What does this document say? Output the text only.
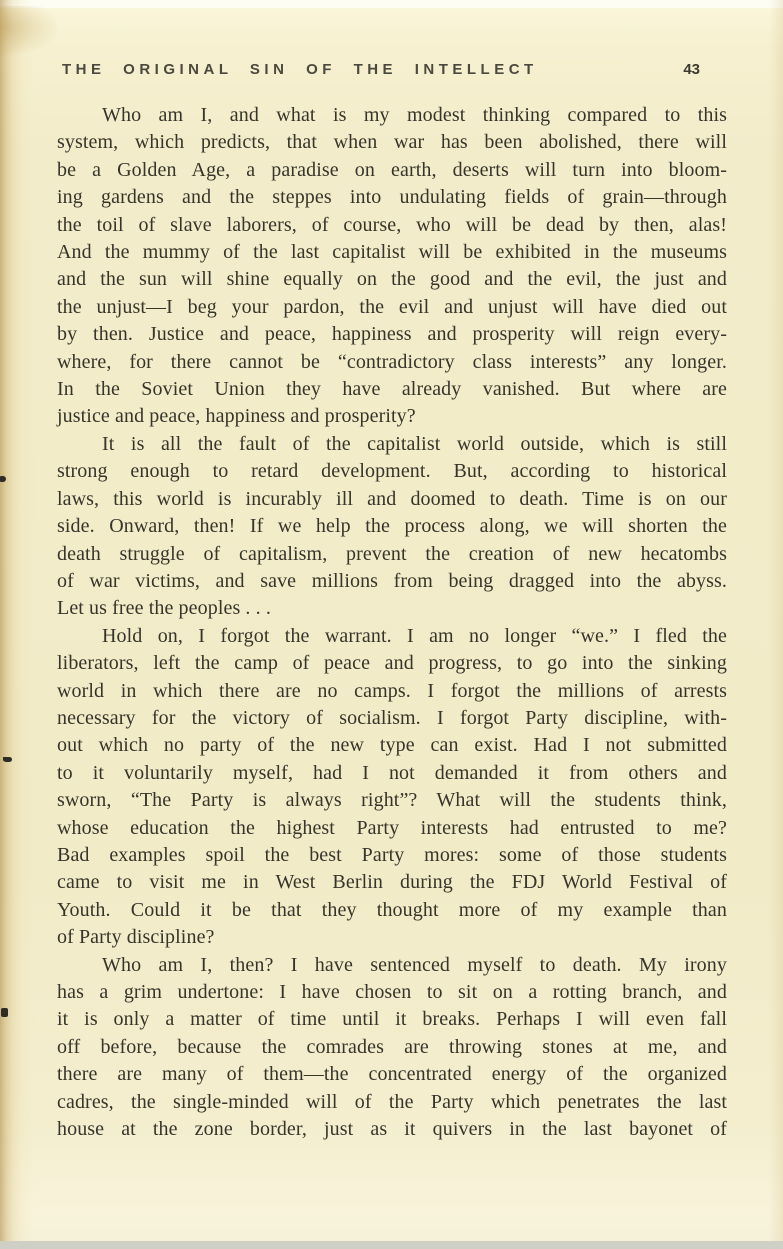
THE ORIGINAL SIN OF THE INTELLECT	43
Who am I, and what is my modest thinking compared to this
system, which predicts, that when war has been abolished, there will
be a Golden Age, a paradise on earth, deserts will turn into bloom-
ing gardens and the steppes into undulating fields of grain—through
the toil of slave laborers, of course, who will be dead by then, alas!
And the mummy of the last capitalist will be exhibited in the museums
and the sun will shine equally on the good and the evil, the just and
the unjust—I beg your pardon, the evil and unjust will have died out
by then. Justice and peace, happiness and prosperity will reign every-
where, for there cannot be “contradictory class interests” any longer.
In the Soviet Union they have already vanished. But where are
justice and peace, happiness and prosperity?
It is all the fault of the capitalist world outside, which is still
strong enough to retard development. But, according to historical
laws, this world is incurably ill and doomed to death. Time is on our
side. Onward, then! If we help the process along, we will shorten the
death struggle of capitalism, prevent the creation of new hecatombs
of war victims, and save millions from being dragged into the abyss.
Let us free the peoples . . .
Hold on, I forgot the warrant. I am no longer “we.” I fled the
liberators, left the camp of peace and progress, to go into the sinking
world in which there are no camps. I forgot the millions of arrests
necessary for the victory of socialism. I forgot Party discipline, with-
out which no party of the new type can exist. Had I not submitted
to it voluntarily myself, had I not demanded it from others and
sworn, “The Party is always right”? What will the students think,
whose education the highest Party interests had entrusted to me?
Bad examples spoil the best Party mores: some of those students
came to visit me in West Berlin during the FDJ World Festival of
Youth. Could it be that they thought more of my example than
of Party discipline?
Who am I, then? I have sentenced myself to death. My irony
has a grim undertone: I have chosen to sit on a rotting branch, and
it is only a matter of time until it breaks. Perhaps I will even fall
off before, because the comrades are throwing stones at me, and
there are many of them—the concentrated energy of the organized
cadres, the single-minded will of the Party which penetrates the last
house at the zone border, just as it quivers in the last bayonet of
